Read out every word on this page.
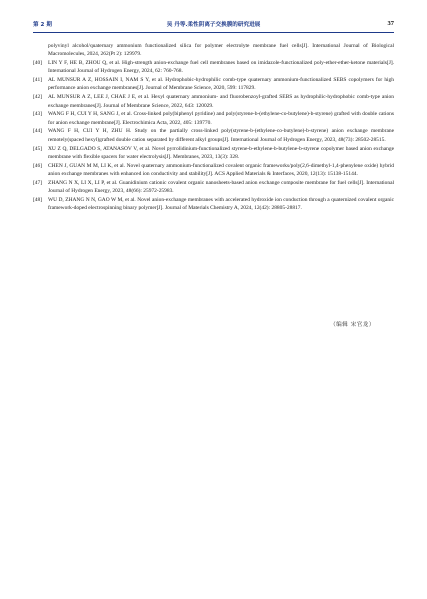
第 2 期	吴 丹等.柔性阴离子交换膜的研究进展	37
polyvinyl alcohol/quaternary ammonium functionalized silica for polymer electrolyte membrane fuel cells[J]. International Journal of Biological Macromolecules, 2024, 262(Pt 2): 129979.
[40] LIN Y F, HE B, ZHOU Q, et al. High-strength anion-exchange fuel cell membranes based on imidazole-functionalized poly-ether-ether-ketone materials[J]. International Journal of Hydrogen Energy, 2024, 62: 760-768.
[41] AL MUNSUR A Z, HOSSAIN I, NAM S Y, et al. Hydrophobic-hydrophilic comb-type quaternary ammonium-functionalized SEBS copolymers for high performance anion exchange membranes[J]. Journal of Membrane Science, 2020, 599: 117829.
[42] AL MUNSUR A Z, LEE J, CHAE J E, et al. Hexyl quaternary ammonium- and fluorobenzoyl-grafted SEBS as hydrophilic-hydrophobic comb-type anion exchange membranes[J]. Journal of Membrane Science, 2022, 643: 120029.
[43] WANG F H, CUI Y H, SANG J, et al. Cross-linked poly(biphenyl pyridine) and poly(styrene-b-(ethylene-co-butylene)-b-styrene) grafted with double cations for anion exchange membrane[J]. Electrochimica Acta, 2022, 405: 139770.
[44] WANG F H, CUI Y H, ZHU H. Study on the partially cross-linked poly(styrene-b-(ethylene-co-butylene)-b-styrene) anion exchange membrane remotely(spaced hexyl)grafted double cation separated by different alkyl groups[J]. International Journal of Hydrogen Energy, 2023, 48(73): 28502-28515.
[45] XU Z Q, DELGADO S, ATANASOV V, et al. Novel pyrrolidinium-functionalized styrene-b-ethylene-b-butylene-b-styrene copolymer based anion exchange membrane with flexible spacers for water electrolysis[J]. Membranes, 2023, 13(3): 328.
[46] CHEN J, GUAN M M, LI K, et al. Novel quaternary ammonium-functionalized covalent organic frameworks/poly(2,6-dimethyl-1,4-phenylene oxide) hybrid anion exchange membranes with enhanced ion conductivity and stability[J]. ACS Applied Materials & Interfaces, 2020, 12(13): 15138-15144.
[47] ZHANG N X, LI X, LI P, et al. Guanidinium cationic covalent organic nanosheets-based anion exchange composite membrane for fuel cells[J]. International Journal of Hydrogen Energy, 2023, 48(66): 25972-25983.
[48] WU D, ZHANG N N, GAO W M, et al. Novel anion-exchange membranes with accelerated hydroxide ion conduction through a quaternized covalent organic framework-doped electrospinning binary polymer[J]. Journal of Materials Chemistry A, 2024, 12(42): 28805-28817.
（编辑 宋官龙）
